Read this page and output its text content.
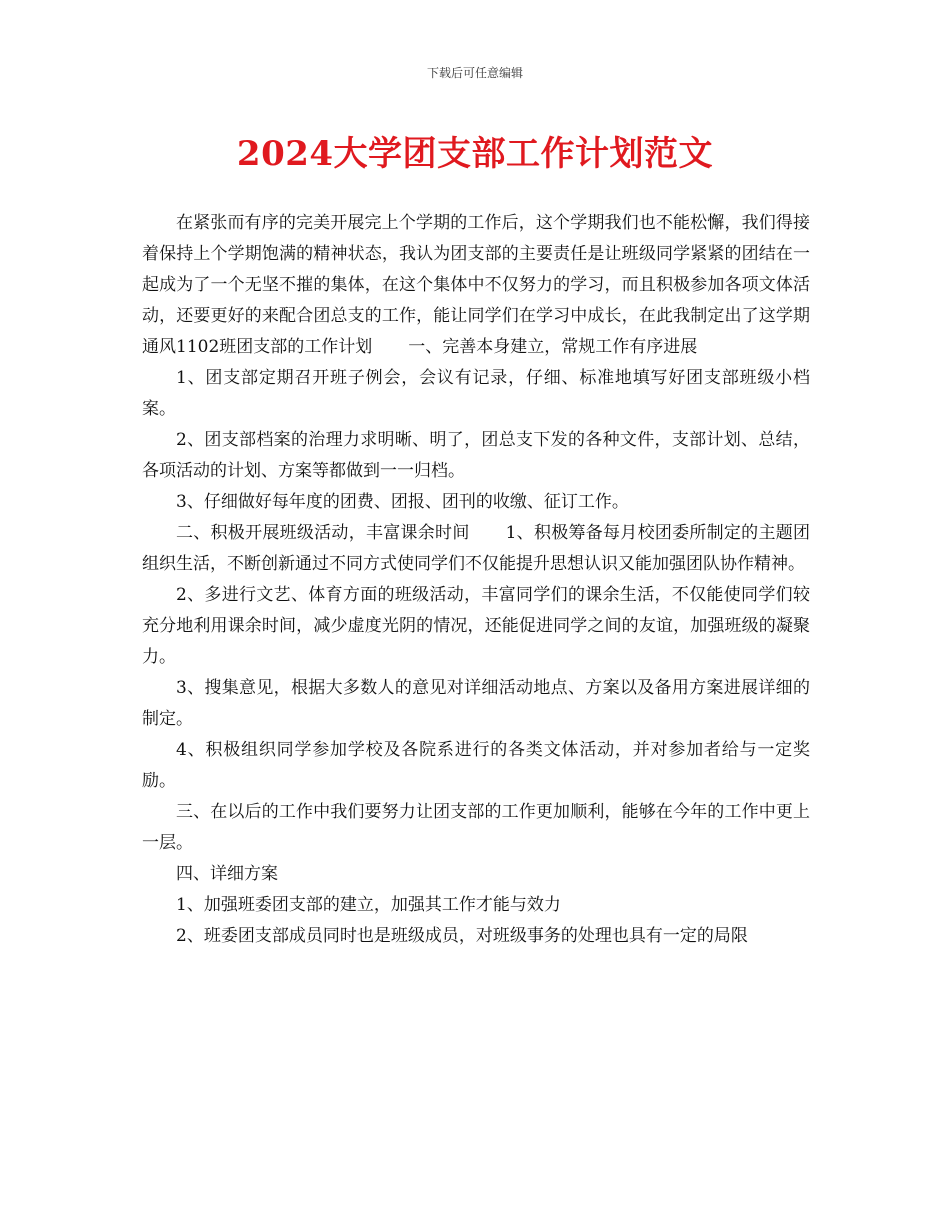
下载后可任意编辑
2024大学团支部工作计划范文

在紧张而有序的完美开展完上个学期的工作后，这个学期我们也不能松懈，我们得接着保持上个学期饱满的精神状态，我认为团支部的主要责任是让班级同学紧紧的团结在一起成为了一个无坚不摧的集体，在这个集体中不仅努力的学习，而且积极参加各项文体活动，还要更好的来配合团总支的工作，能让同学们在学习中成长，在此我制定出了这学期通风1102班团支部的工作计划 一、完善本身建立，常规工作有序进展

1、团支部定期召开班子例会，会议有记录，仔细、标准地填写好团支部班级小档案。

2、团支部档案的治理力求明晰、明了，团总支下发的各种文件，支部计划、总结，各项活动的计划、方案等都做到一一归档。

3、仔细做好每年度的团费、团报、团刊的收缴、征订工作。

二、积极开展班级活动，丰富课余时间 1、积极筹备每月校团委所制定的主题团组织生活，不断创新通过不同方式使同学们不仅能提升思想认识又能加强团队协作精神。

2、多进行文艺、体育方面的班级活动，丰富同学们的课余生活，不仅能使同学们较充分地利用课余时间，减少虚度光阴的情况，还能促进同学之间的友谊，加强班级的凝聚力。

3、搜集意见，根据大多数人的意见对详细活动地点、方案以及备用方案进展详细的制定。

4、积极组织同学参加学校及各院系进行的各类文体活动，并对参加者给与一定奖励。

三、在以后的工作中我们要努力让团支部的工作更加顺利，能够在今年的工作中更上一层。

四、详细方案

1、加强班委团支部的建立，加强其工作才能与效力

2、班委团支部成员同时也是班级成员，对班级事务的处理也具有一定的局限
